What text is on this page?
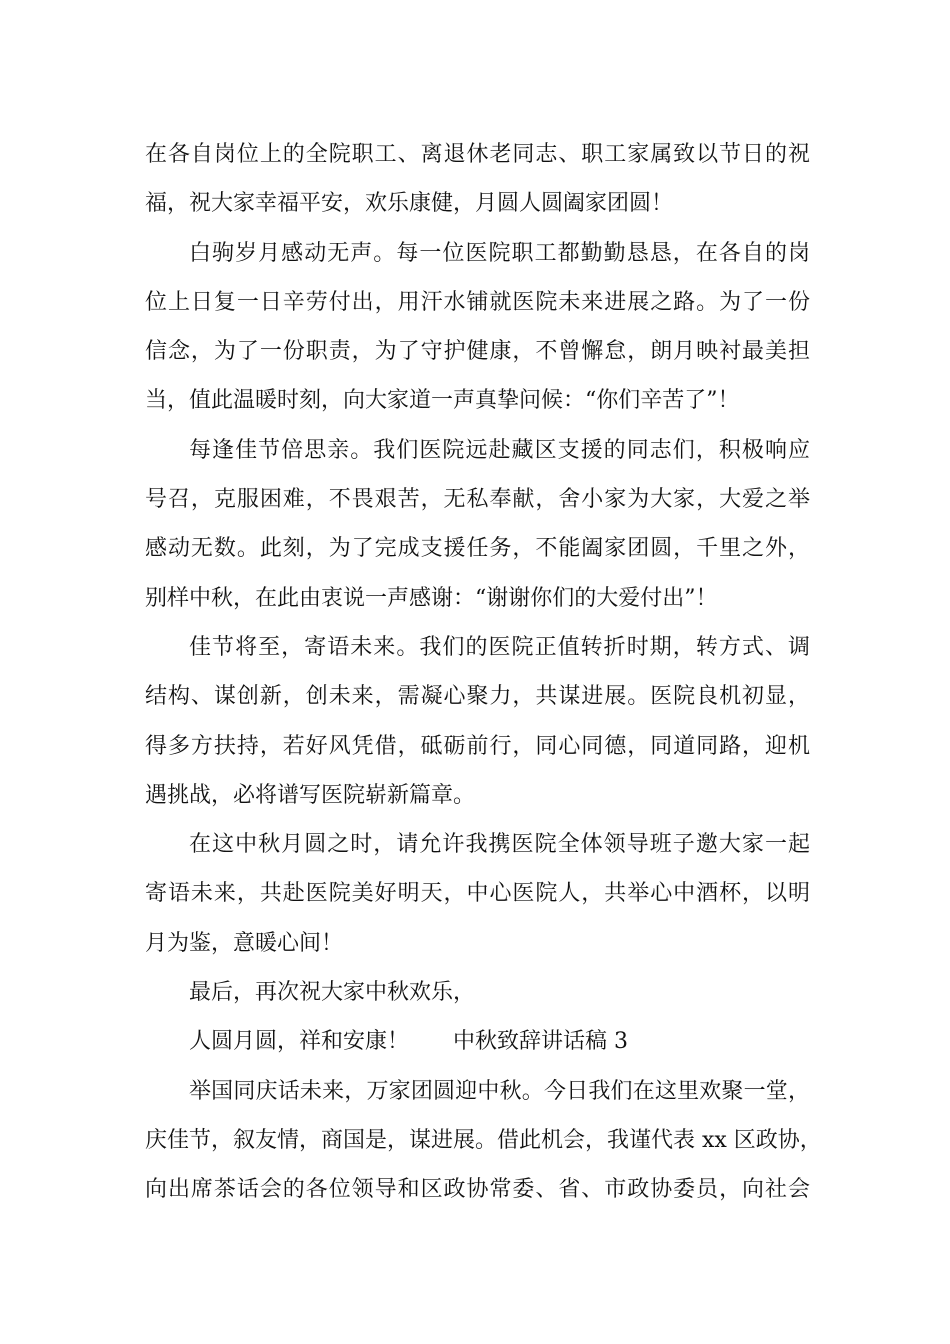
在各自岗位上的全院职工、离退休老同志、职工家属致以节日的祝
福，祝大家幸福平安，欢乐康健，月圆人圆阖家团圆！
白驹岁月感动无声。每一位医院职工都勤勤恳恳，在各自的岗
位上日复一日辛劳付出，用汗水铺就医院未来进展之路。为了一份
信念，为了一份职责，为了守护健康，不曾懈怠，朗月映衬最美担
当，值此温暖时刻，向大家道一声真挚问候：“你们辛苦了”！
每逢佳节倍思亲。我们医院远赴藏区支援的同志们，积极响应
号召，克服困难，不畏艰苦，无私奉献，舍小家为大家，大爱之举
感动无数。此刻，为了完成支援任务，不能阖家团圆，千里之外，
别样中秋，在此由衷说一声感谢：“谢谢你们的大爱付出”！
佳节将至，寄语未来。我们的医院正值转折时期，转方式、调
结构、谋创新，创未来，需凝心聚力，共谋进展。医院良机初显，
得多方扶持，若好风凭借，砥砺前行，同心同德，同道同路，迎机
遇挑战，必将谱写医院崭新篇章。
在这中秋月圆之时，请允许我携医院全体领导班子邀大家一起
寄语未来，共赴医院美好明天，中心医院人，共举心中酒杯，以明
月为鉴，意暖心间！
最后，再次祝大家中秋欢乐，
人圆月圆，祥和安康！ 中秋致辞讲话稿 3
举国同庆话未来，万家团圆迎中秋。今日我们在这里欢聚一堂，
庆佳节，叙友情，商国是，谋进展。借此机会，我谨代表 xx 区政协，
向出席茶话会的各位领导和区政协常委、省、市政协委员，向社会
